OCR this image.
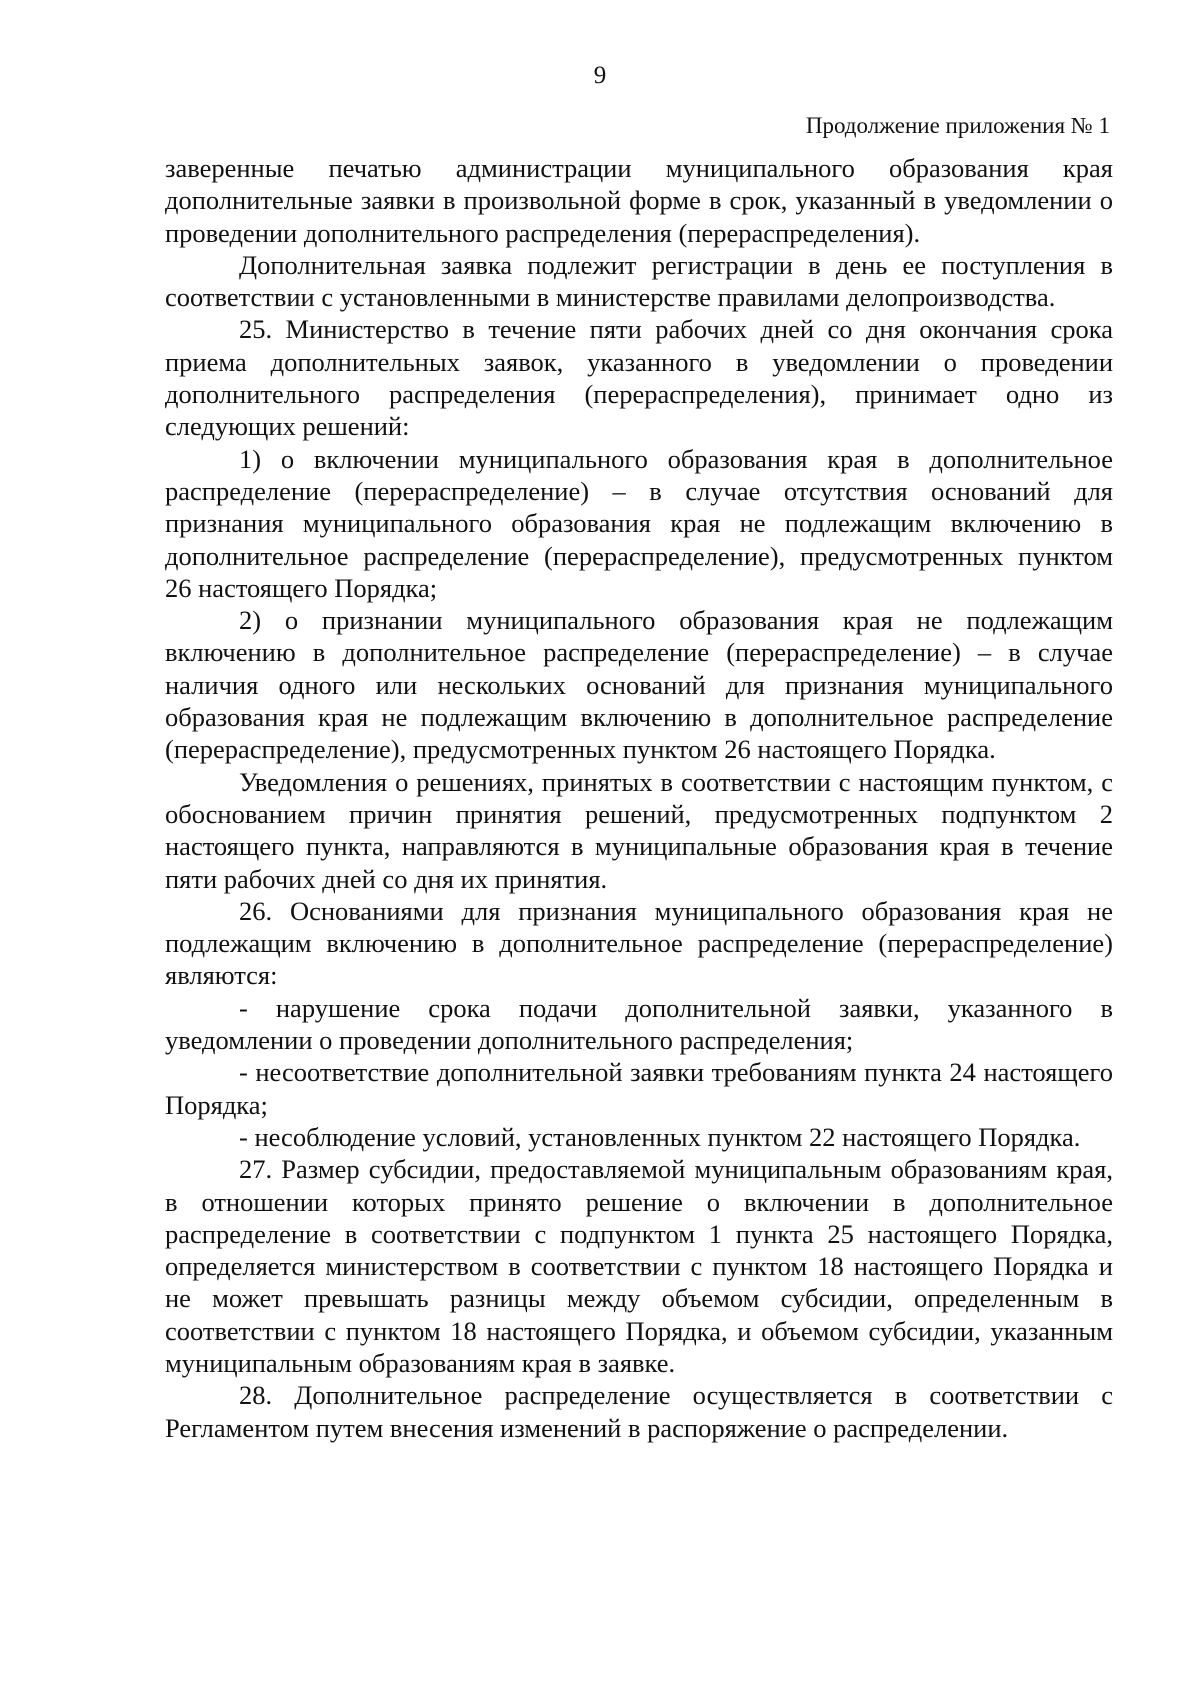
9
Продолжение приложения № 1

заверенные печатью администрации муниципального образования края дополнительные заявки в произвольной форме в срок, указанный в уведомлении о проведении дополнительного распределения (перераспределения).

Дополнительная заявка подлежит регистрации в день ее поступления в соответствии с установленными в министерстве правилами делопроизводства.

25. Министерство в течение пяти рабочих дней со дня окончания срока приема дополнительных заявок, указанного в уведомлении о проведении дополнительного распределения (перераспределения), принимает одно из следующих решений:

1) о включении муниципального образования края в дополнительное распределение (перераспределение) – в случае отсутствия оснований для признания муниципального образования края не подлежащим включению в дополнительное распределение (перераспределение), предусмотренных пунктом 26 настоящего Порядка;

2) о признании муниципального образования края не подлежащим включению в дополнительное распределение (перераспределение) – в случае наличия одного или нескольких оснований для признания муниципального образования края не подлежащим включению в дополнительное распределение (перераспределение), предусмотренных пунктом 26 настоящего Порядка.

Уведомления о решениях, принятых в соответствии с настоящим пунктом, с обоснованием причин принятия решений, предусмотренных подпунктом 2 настоящего пункта, направляются в муниципальные образования края в течение пяти рабочих дней со дня их принятия.

26. Основаниями для признания муниципального образования края не подлежащим включению в дополнительное распределение (перераспределение) являются:

- нарушение срока подачи дополнительной заявки, указанного в уведомлении о проведении дополнительного распределения;

- несоответствие дополнительной заявки требованиям пункта 24 настоящего Порядка;

- несоблюдение условий, установленных пунктом 22 настоящего Порядка.

27. Размер субсидии, предоставляемой муниципальным образованиям края, в отношении которых принято решение о включении в дополнительное распределение в соответствии с подпунктом 1 пункта 25 настоящего Порядка, определяется министерством в соответствии с пунктом 18 настоящего Порядка и не может превышать разницы между объемом субсидии, определенным в соответствии с пунктом 18 настоящего Порядка, и объемом субсидии, указанным муниципальным образованиям края в заявке.

28. Дополнительное распределение осуществляется в соответствии с Регламентом путем внесения изменений в распоряжение о распределении.
